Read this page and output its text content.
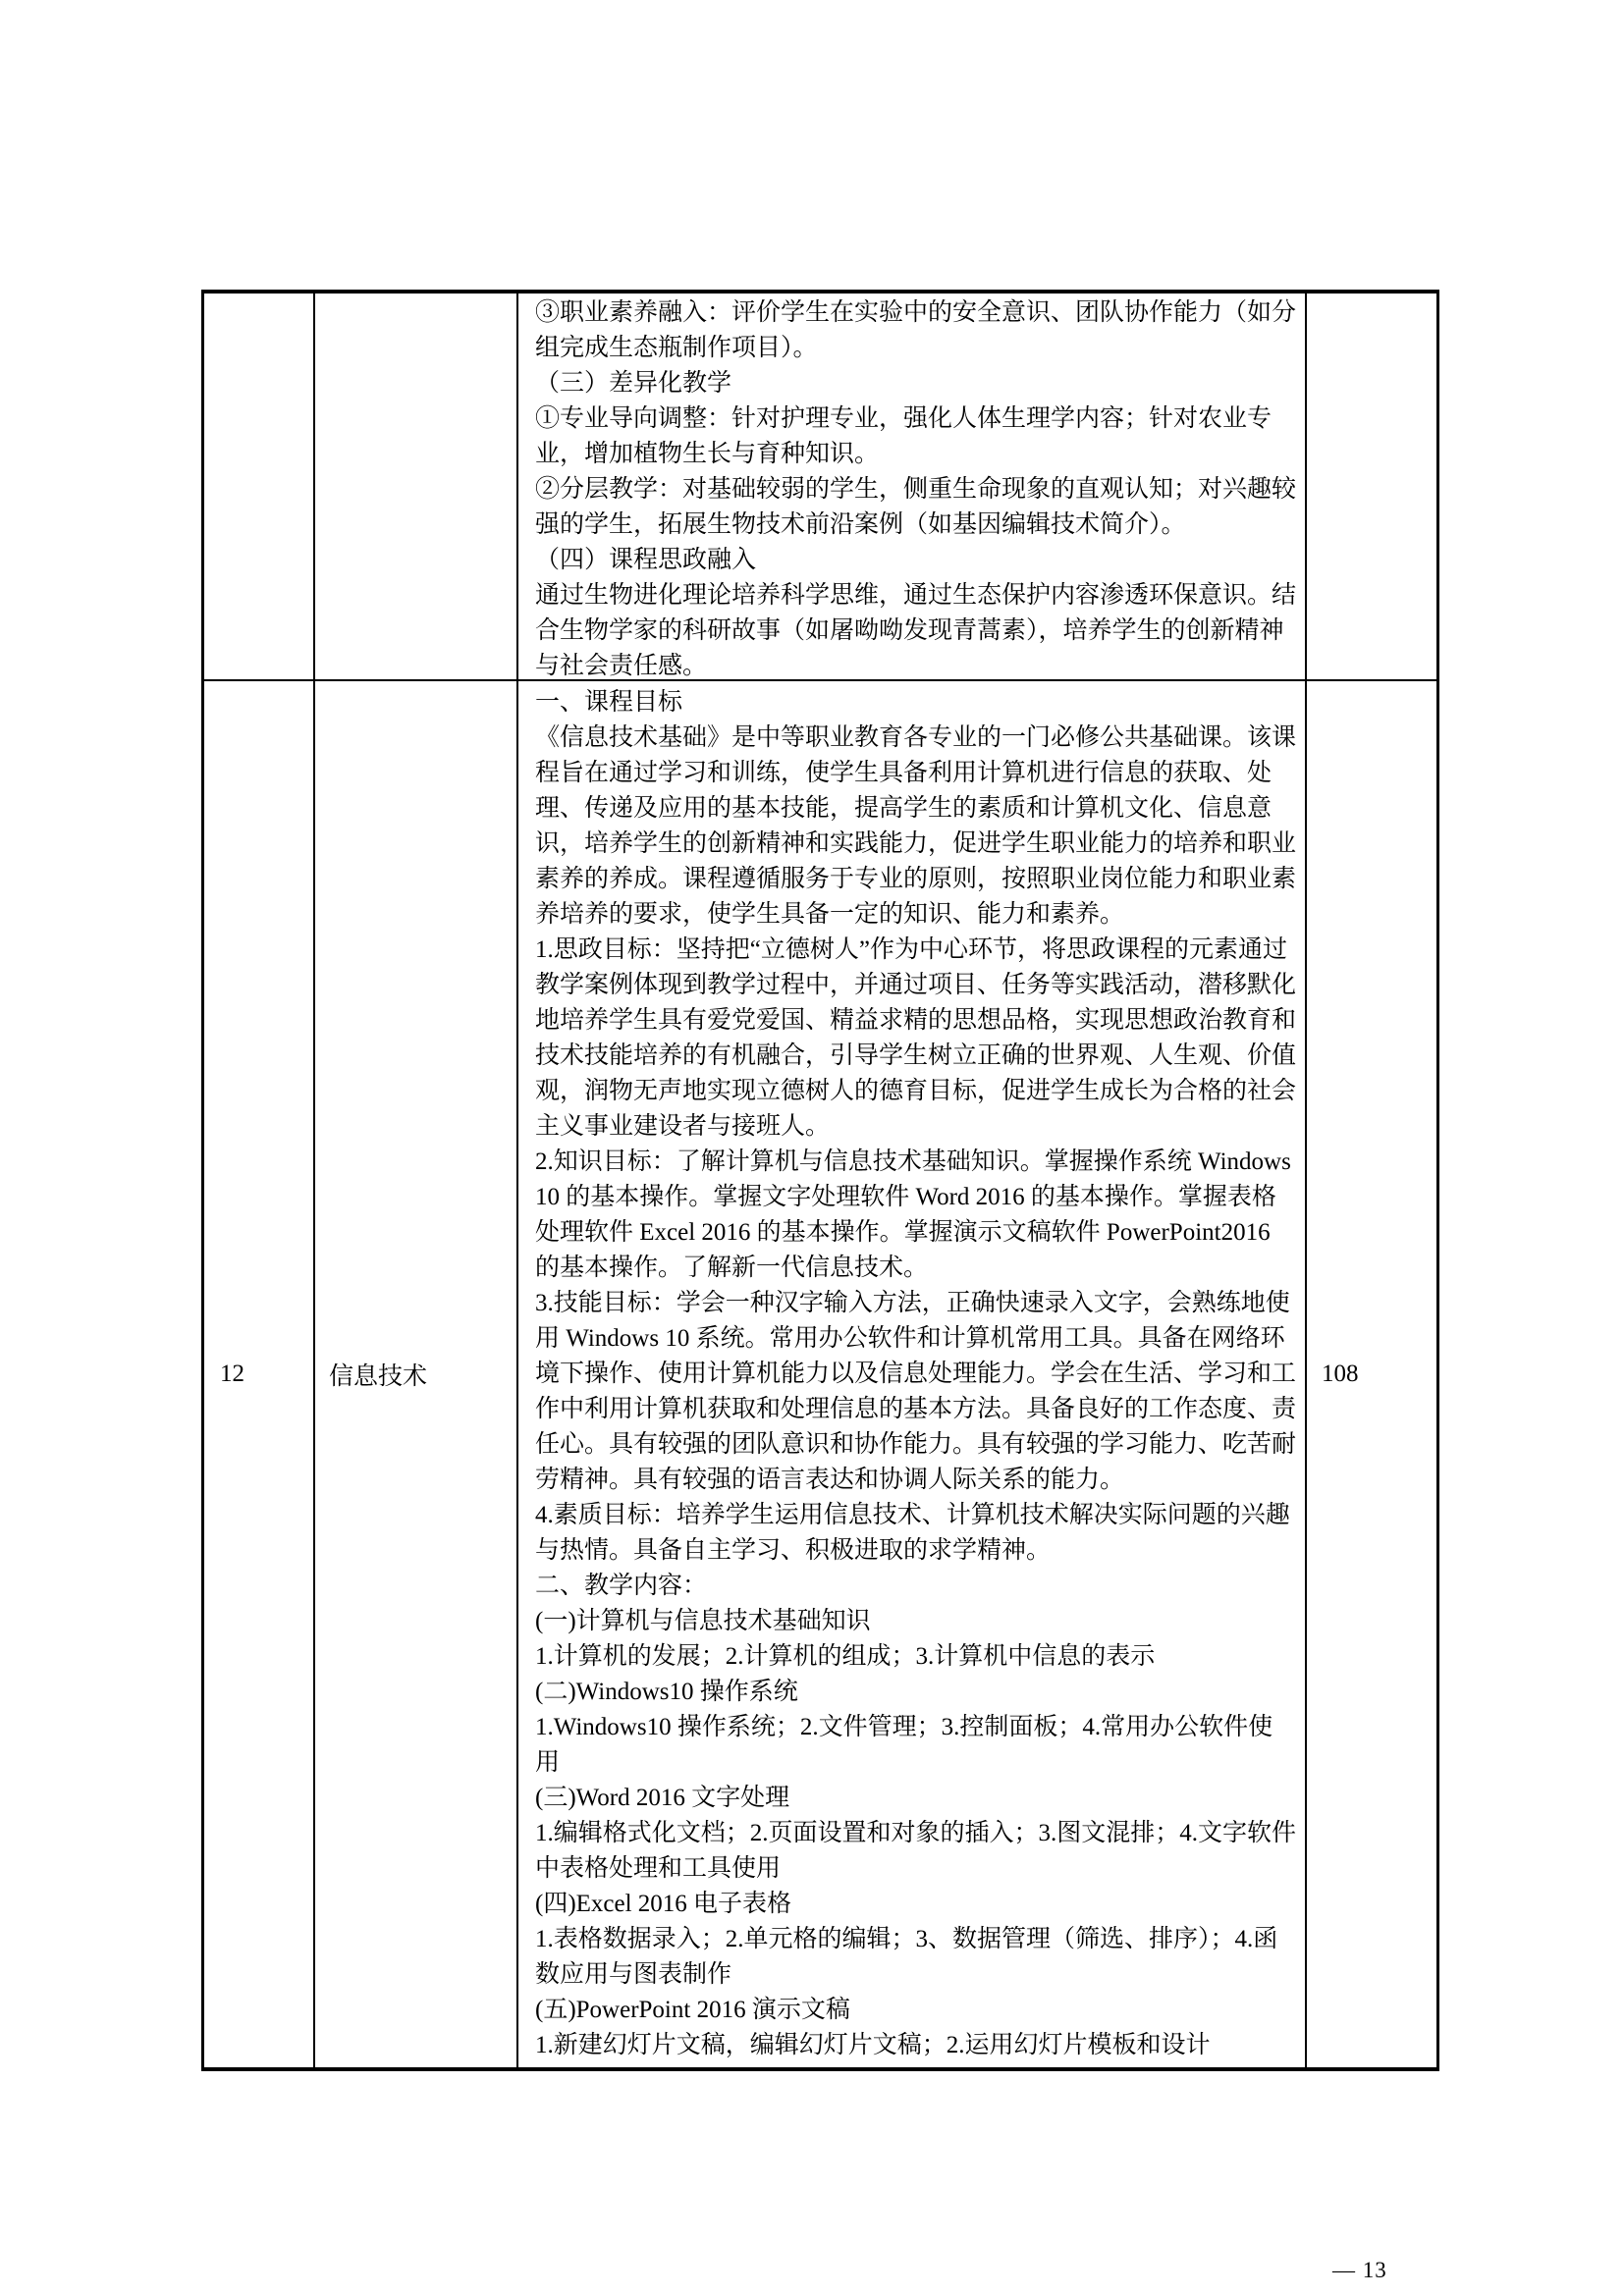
③职业素养融入：评价学生在实验中的安全意识、团队协作能力（如分组完成生态瓶制作项目）。

（三）差异化教学

①专业导向调整：针对护理专业，强化人体生理学内容；针对农业专业，增加植物生长与育种知识。

②分层教学：对基础较弱的学生，侧重生命现象的直观认知；对兴趣较强的学生，拓展生物技术前沿案例（如基因编辑技术简介）。

（四）课程思政融入

通过生物进化理论培养科学思维，通过生态保护内容渗透环保意识。结合生物学家的科研故事（如屠呦呦发现青蒿素），培养学生的创新精神与社会责任感。

12	信息技术

一、课程目标

《信息技术基础》是中等职业教育各专业的一门必修公共基础课。该课程旨在通过学习和训练，使学生具备利用计算机进行信息的获取、处理、传递及应用的基本技能，提高学生的素质和计算机文化、信息意识，培养学生的创新精神和实践能力，促进学生职业能力的培养和职业素养的养成。课程遵循服务于专业的原则，按照职业岗位能力和职业素养培养的要求，使学生具备一定的知识、能力和素养。

1.思政目标：坚持把“立德树人”作为中心环节，将思政课程的元素通过教学案例体现到教学过程中，并通过项目、任务等实践活动，潜移默化地培养学生具有爱党爱国、精益求精的思想品格，实现思想政治教育和技术技能培养的有机融合，引导学生树立正确的世界观、人生观、价值观，润物无声地实现立德树人的德育目标，促进学生成长为合格的社会主义事业建设者与接班人。

2.知识目标：了解计算机与信息技术基础知识。掌握操作系统 Windows 10 的基本操作。掌握文字处理软件 Word 2016 的基本操作。掌握表格处理软件 Excel 2016 的基本操作。掌握演示文稿软件 PowerPoint2016 的基本操作。了解新一代信息技术。

3.技能目标：学会一种汉字输入方法，正确快速录入文字，会熟练地使用 Windows 10 系统。常用办公软件和计算机常用工具。具备在网络环境下操作、使用计算机能力以及信息处理能力。学会在生活、学习和工作中利用计算机获取和处理信息的基本方法。具备良好的工作态度、责任心。具有较强的团队意识和协作能力。具有较强的学习能力、吃苦耐劳精神。具有较强的语言表达和协调人际关系的能力。

4.素质目标：培养学生运用信息技术、计算机技术解决实际问题的兴趣与热情。具备自主学习、积极进取的求学精神。

二、教学内容：

(一)计算机与信息技术基础知识

1.计算机的发展；2.计算机的组成；3.计算机中信息的表示

(二)Windows10 操作系统

1.Windows10 操作系统；2.文件管理；3.控制面板；4.常用办公软件使用

(三)Word 2016 文字处理

1.编辑格式化文档；2.页面设置和对象的插入；3.图文混排；4.文字软件中表格处理和工具使用

(四)Excel 2016 电子表格

1.表格数据录入；2.单元格的编辑；3、数据管理（筛选、排序）；4.函数应用与图表制作

(五)PowerPoint 2016 演示文稿

1.新建幻灯片文稿，编辑幻灯片文稿；2.运用幻灯片模板和设计

108
— 13
